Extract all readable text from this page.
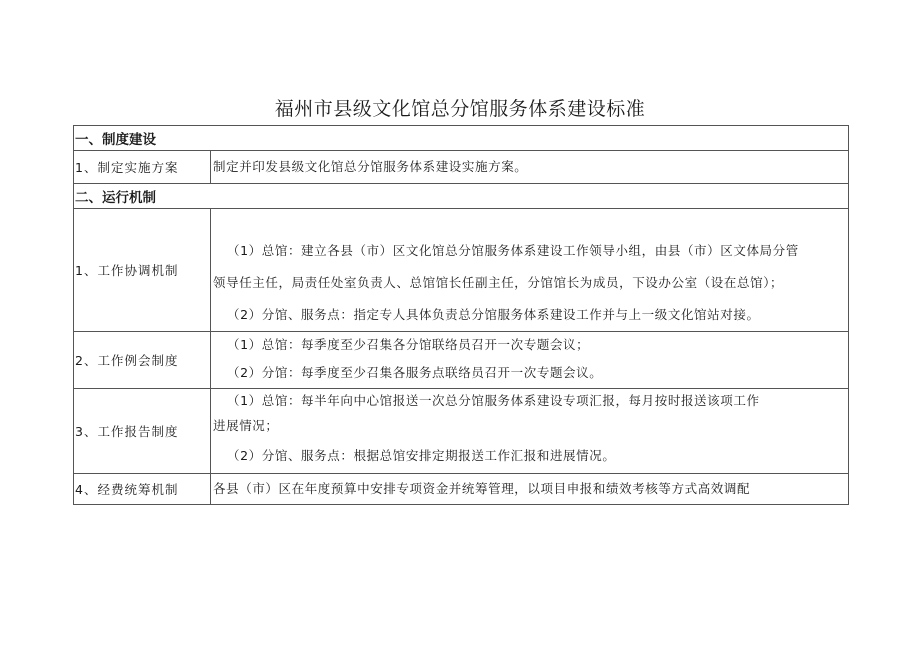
福州市县级文化馆总分馆服务体系建设标准
一、制度建设	
1、制定实施方案	制定并印发县级文化馆总分馆服务体系建设实施方案。

二、运行机制	
1、工作协调机制	（1）总馆：建立各县（市）区文化馆总分馆服务体系建设工作领导小组，由县（市）区文体局分管
领导任主任，局责任处室负责人、总馆馆长任副主任，分馆馆长为成员，下设办公室（设在总馆）；
（2）分馆、服务点：指定专人具体负责总分馆服务体系建设工作并与上一级文化馆站对接。

2、工作例会制度	（1）总馆：每季度至少召集各分馆联络员召开一次专题会议；
（2）分馆：每季度至少召集各服务点联络员召开一次专题会议。

3、工作报告制度	（1）总馆：每半年向中心馆报送一次总分馆服务体系建设专项汇报，每月按时报送该项工作
进展情况；
（2）分馆、服务点：根据总馆安排定期报送工作汇报和进展情况。

4、经费统筹机制	各县（市）区在年度预算中安排专项资金并统筹管理，以项目申报和绩效考核等方式高效调配
